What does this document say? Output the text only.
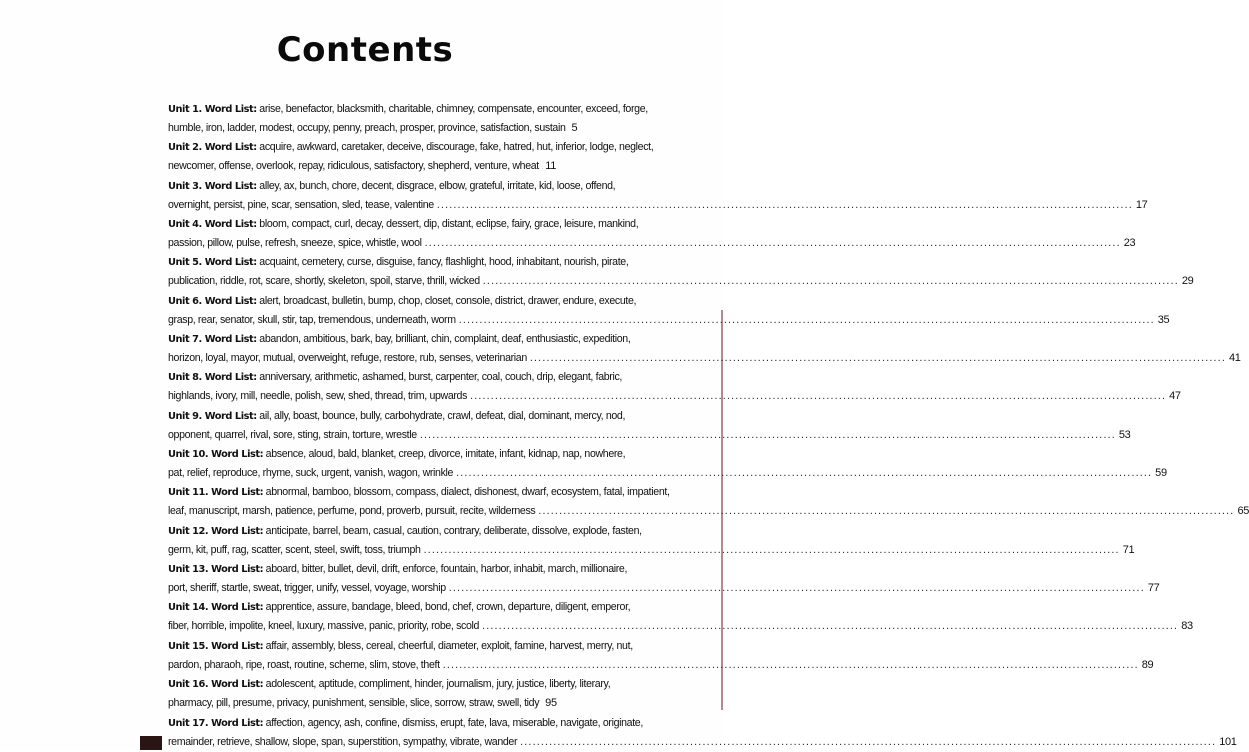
Contents
Unit 1. Word List: arise, benefactor, blacksmith, charitable, chimney, compensate, encounter, exceed, forge,
humble, iron, ladder, modest, occupy, penny, preach, prosper, province, satisfaction, sustain 5
Unit 2. Word List: acquire, awkward, caretaker, deceive, discourage, fake, hatred, hut, inferior, lodge, neglect,
newcomer, offense, overlook, repay, ridiculous, satisfactory, shepherd, venture, wheat ..... 11
Unit 3. Word List: alley, ax, bunch, chore, decent, disgrace, elbow, grateful, irritate, kid, loose, offend,
overnight, persist, pine, scar, sensation, sled, tease, valentine .....	17
Unit 4. Word List: bloom, compact, curl, decay, dessert, dip, distant, eclipse, fairy, grace, leisure, mankind,
passion, pillow, pulse, refresh, sneeze, spice, whistle, wool .....	23
Unit 5. Word List: acquaint, cemetery, curse, disguise, fancy, flashlight, hood, inhabitant, nourish, pirate,
publication, riddle, rot, scare, shortly, skeleton, spoil, starve, thrill, wicked .....	29
Unit 6. Word List: alert, broadcast, bulletin, bump, chop, closet, console, district, drawer, endure, execute,
grasp, rear, senator, skull, stir, tap, tremendous, underneath, worm .....	35
Unit 7. Word List: abandon, ambitious, bark, bay, brilliant, chin, complaint, deaf, enthusiastic, expedition,
horizon, loyal, mayor, mutual, overweight, refuge, restore, rub, senses, veterinarian .....	41
Unit 8. Word List: anniversary, arithmetic, ashamed, burst, carpenter, coal, couch, drip, elegant, fabric,
highlands, ivory, mill, needle, polish, sew, shed, thread, trim, upwards .....	47
Unit 9. Word List: ail, ally, boast, bounce, bully, carbohydrate, crawl, defeat, dial, dominant, mercy, nod,
opponent, quarrel, rival, sore, sting, strain, torture, wrestle .....	53
Unit 10. Word List: absence, aloud, bald, blanket, creep, divorce, imitate, infant, kidnap, nap, nowhere,
pat, relief, reproduce, rhyme, suck, urgent, vanish, wagon, wrinkle .....	59
Unit 11. Word List: abnormal, bamboo, blossom, compass, dialect, dishonest, dwarf, ecosystem, fatal, impatient,
leaf, manuscript, marsh, patience, perfume, pond, proverb, pursuit, recite, wilderness .....	65
Unit 12. Word List: anticipate, barrel, beam, casual, caution, contrary, deliberate, dissolve, explode, fasten,
germ, kit, puff, rag, scatter, scent, steel, swift, toss, triumph .....	71
Unit 13. Word List: aboard, bitter, bullet, devil, drift, enforce, fountain, harbor, inhabit, march, millionaire,
port, sheriff, startle, sweat, trigger, unify, vessel, voyage, worship .....	77
Unit 14. Word List: apprentice, assure, bandage, bleed, bond, chef, crown, departure, diligent, emperor,
fiber, horrible, impolite, kneel, luxury, massive, panic, priority, robe, scold .....	83
Unit 15. Word List: affair, assembly, bless, cereal, cheerful, diameter, exploit, famine, harvest, merry, nut,
pardon, pharaoh, ripe, roast, routine, scheme, slim, stove, theft .....	89
Unit 16. Word List: adolescent, aptitude, compliment, hinder, journalism, jury, justice, liberty, literary,
pharmacy, pill, presume, privacy, punishment, sensible, slice, sorrow, straw, swell, tidy 95
Unit 17. Word List: affection, agency, ash, confine, dismiss, erupt, fate, lava, miserable, navigate, originate,
remainder, retrieve, shallow, slope, span, superstition, sympathy, vibrate, wander .....	101
